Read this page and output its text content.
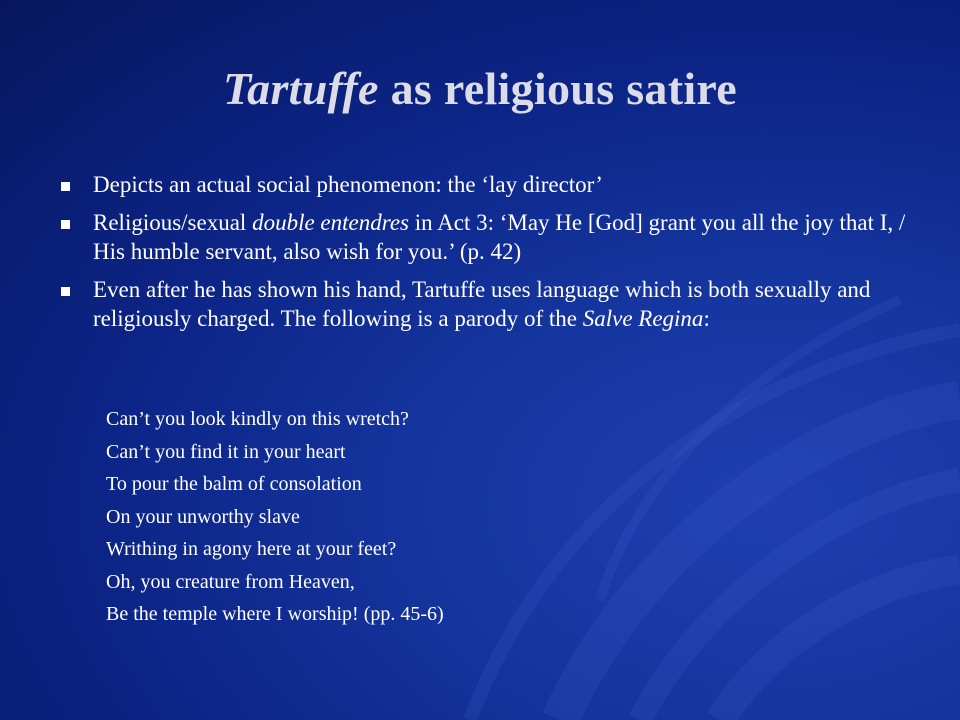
Tartuffe as religious satire
Depicts an actual social phenomenon: the ‘lay director’
Religious/sexual double entendres in Act 3: ‘May He [God] grant you all the joy that I, / His humble servant, also wish for you.’ (p. 42)
Even after he has shown his hand, Tartuffe uses language which is both sexually and religiously charged. The following is a parody of the Salve Regina:
Can’t you look kindly on this wretch?
Can’t you find it in your heart
To pour the balm of consolation
On your unworthy slave
Writhing in agony here at your feet?
Oh, you creature from Heaven,
Be the temple where I worship! (pp. 45-6)
